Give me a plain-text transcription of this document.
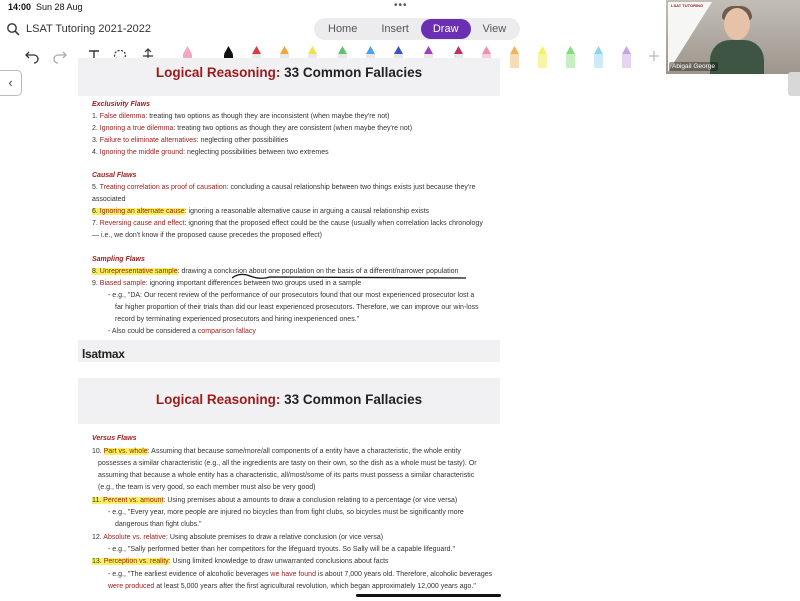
14:00 Sun 28 Aug	•••
LSAT Tutoring 2021-2022	Home	Insert	Draw	View
LSAT TUTORING
Abigail George
‹
Logical Reasoning: 33 Common Fallacies
Exclusivity Flaws
1. False dilemma: treating two options as though they are inconsistent (when maybe they're not)
2. Ignoring a true dilemma: treating two options as though they are consistent (when maybe they're not)
3. Failure to eliminate alternatives: neglecting other possibilities
4. Ignoring the middle ground: neglecting possibilities between two extremes
Causal Flaws
5. Treating correlation as proof of causation: concluding a causal relationship between two things exists just because they're
associated
6. Ignoring an alternate cause: ignoring a reasonable alternative cause in arguing a causal relationship exists
7. Reversing cause and effect: ignoring that the proposed effect could be the cause (usually when correlation lacks chronology
— i.e., we don't know if the proposed cause precedes the proposed effect)
Sampling Flaws
8. Unrepresentative sample: drawing a conclusion about one population on the basis of a different/narrower population
9. Biased sample: ignoring important differences between two groups used in a sample
- e.g., "DA: Our recent review of the performance of our prosecutors found that our most experienced prosecutor lost a
far higher proportion of their trials than did our least experienced prosecutors. Therefore, we can improve our win-loss
record by terminating experienced prosecutors and hiring inexperienced ones."
- Also could be considered a comparison fallacy
lsatmax
Logical Reasoning: 33 Common Fallacies
Versus Flaws
10. Part vs. whole: Assuming that because some/more/all components of a entity have a characteristic, the whole entity
possesses a similar characteristic (e.g., all the ingredients are tasty on their own, so the dish as a whole must be tasty). Or
assuming that because a whole entity has a characteristic, all/most/some of its parts must possess a similar characteristic
(e.g., the team is very good, so each member must also be very good)
11. Percent vs. amount: Using premises about a amounts to draw a conclusion relating to a percentage (or vice versa)
- e.g., "Every year, more people are injured no bicycles than from fight clubs, so bicycles must be significantly more
dangerous than fight clubs."
12. Absolute vs. relative: Using absolute premises to draw a relative conclusion (or vice versa)
- e.g., "Sally performed better than her competitors for the lifeguard tryouts. So Sally will be a capable lifeguard."
13. Perception vs. reality: Using limited knowledge to draw unwarranted conclusions about facts
- e.g., "The earliest evidence of alcoholic beverages we have found is about 7,000 years old. Therefore, alcoholic beverages
were produced at least 5,000 years after the first agricultural revolution, which began approximately 12,000 years ago."
